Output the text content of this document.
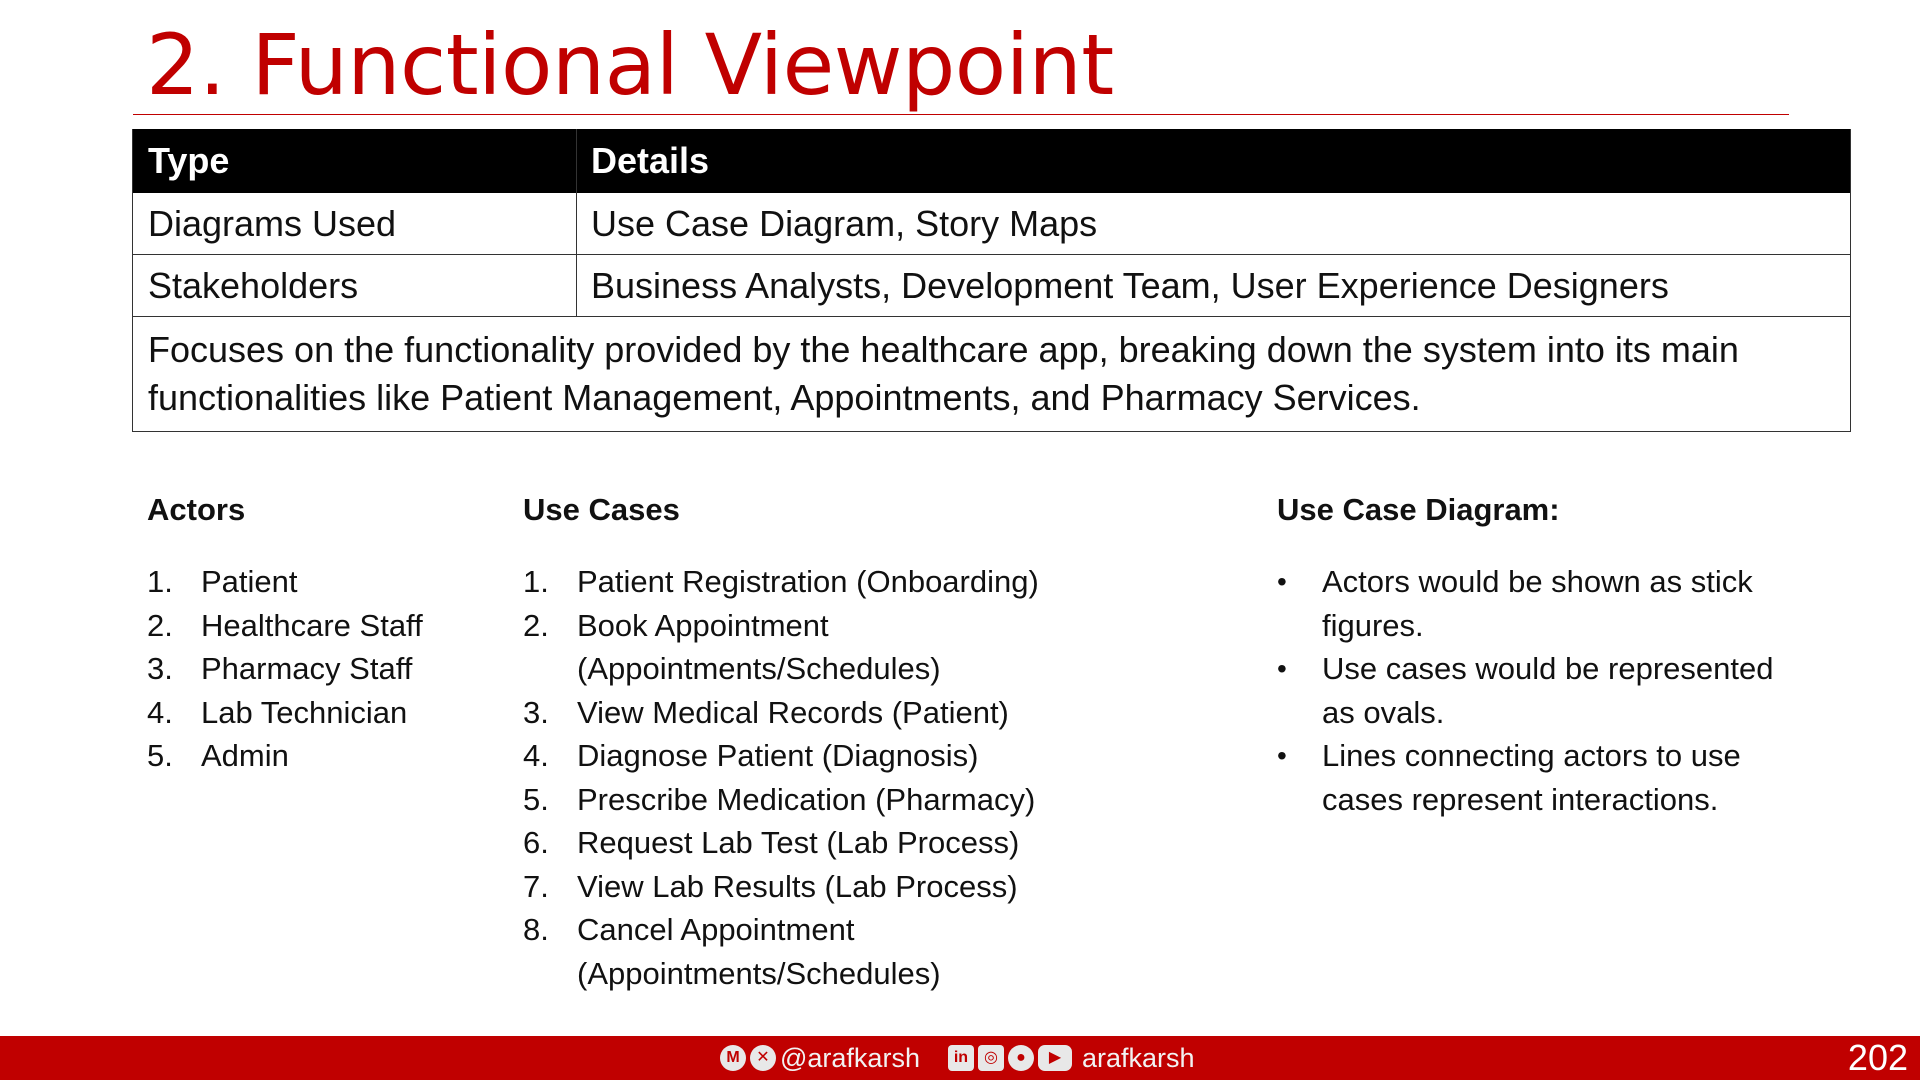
2. Functional Viewpoint
Type	Details
Diagrams Used	Use Case Diagram, Story Maps
Stakeholders	Business Analysts, Development Team, User Experience Designers
Focuses on the functionality provided by the healthcare app, breaking down the system into its main functionalities like Patient Management, Appointments, and Pharmacy Services.	
Actors
1. Patient
2. Healthcare Staff
3. Pharmacy Staff
4. Lab Technician
5. Admin
Use Cases
1. Patient Registration (Onboarding)
2. Book Appointment (Appointments/Schedules)
3. View Medical Records (Patient)
4. Diagnose Patient (Diagnosis)
5. Prescribe Medication (Pharmacy)
6. Request Lab Test (Lab Process)
7. View Lab Results (Lab Process)
8. Cancel Appointment (Appointments/Schedules)
Use Case Diagram:
• Actors would be shown as stick figures.
• Use cases would be represented as ovals.
• Lines connecting actors to use cases represent interactions.
M	✕ @arafkarsh	in ◎	●	▶ arafkarsh	202
